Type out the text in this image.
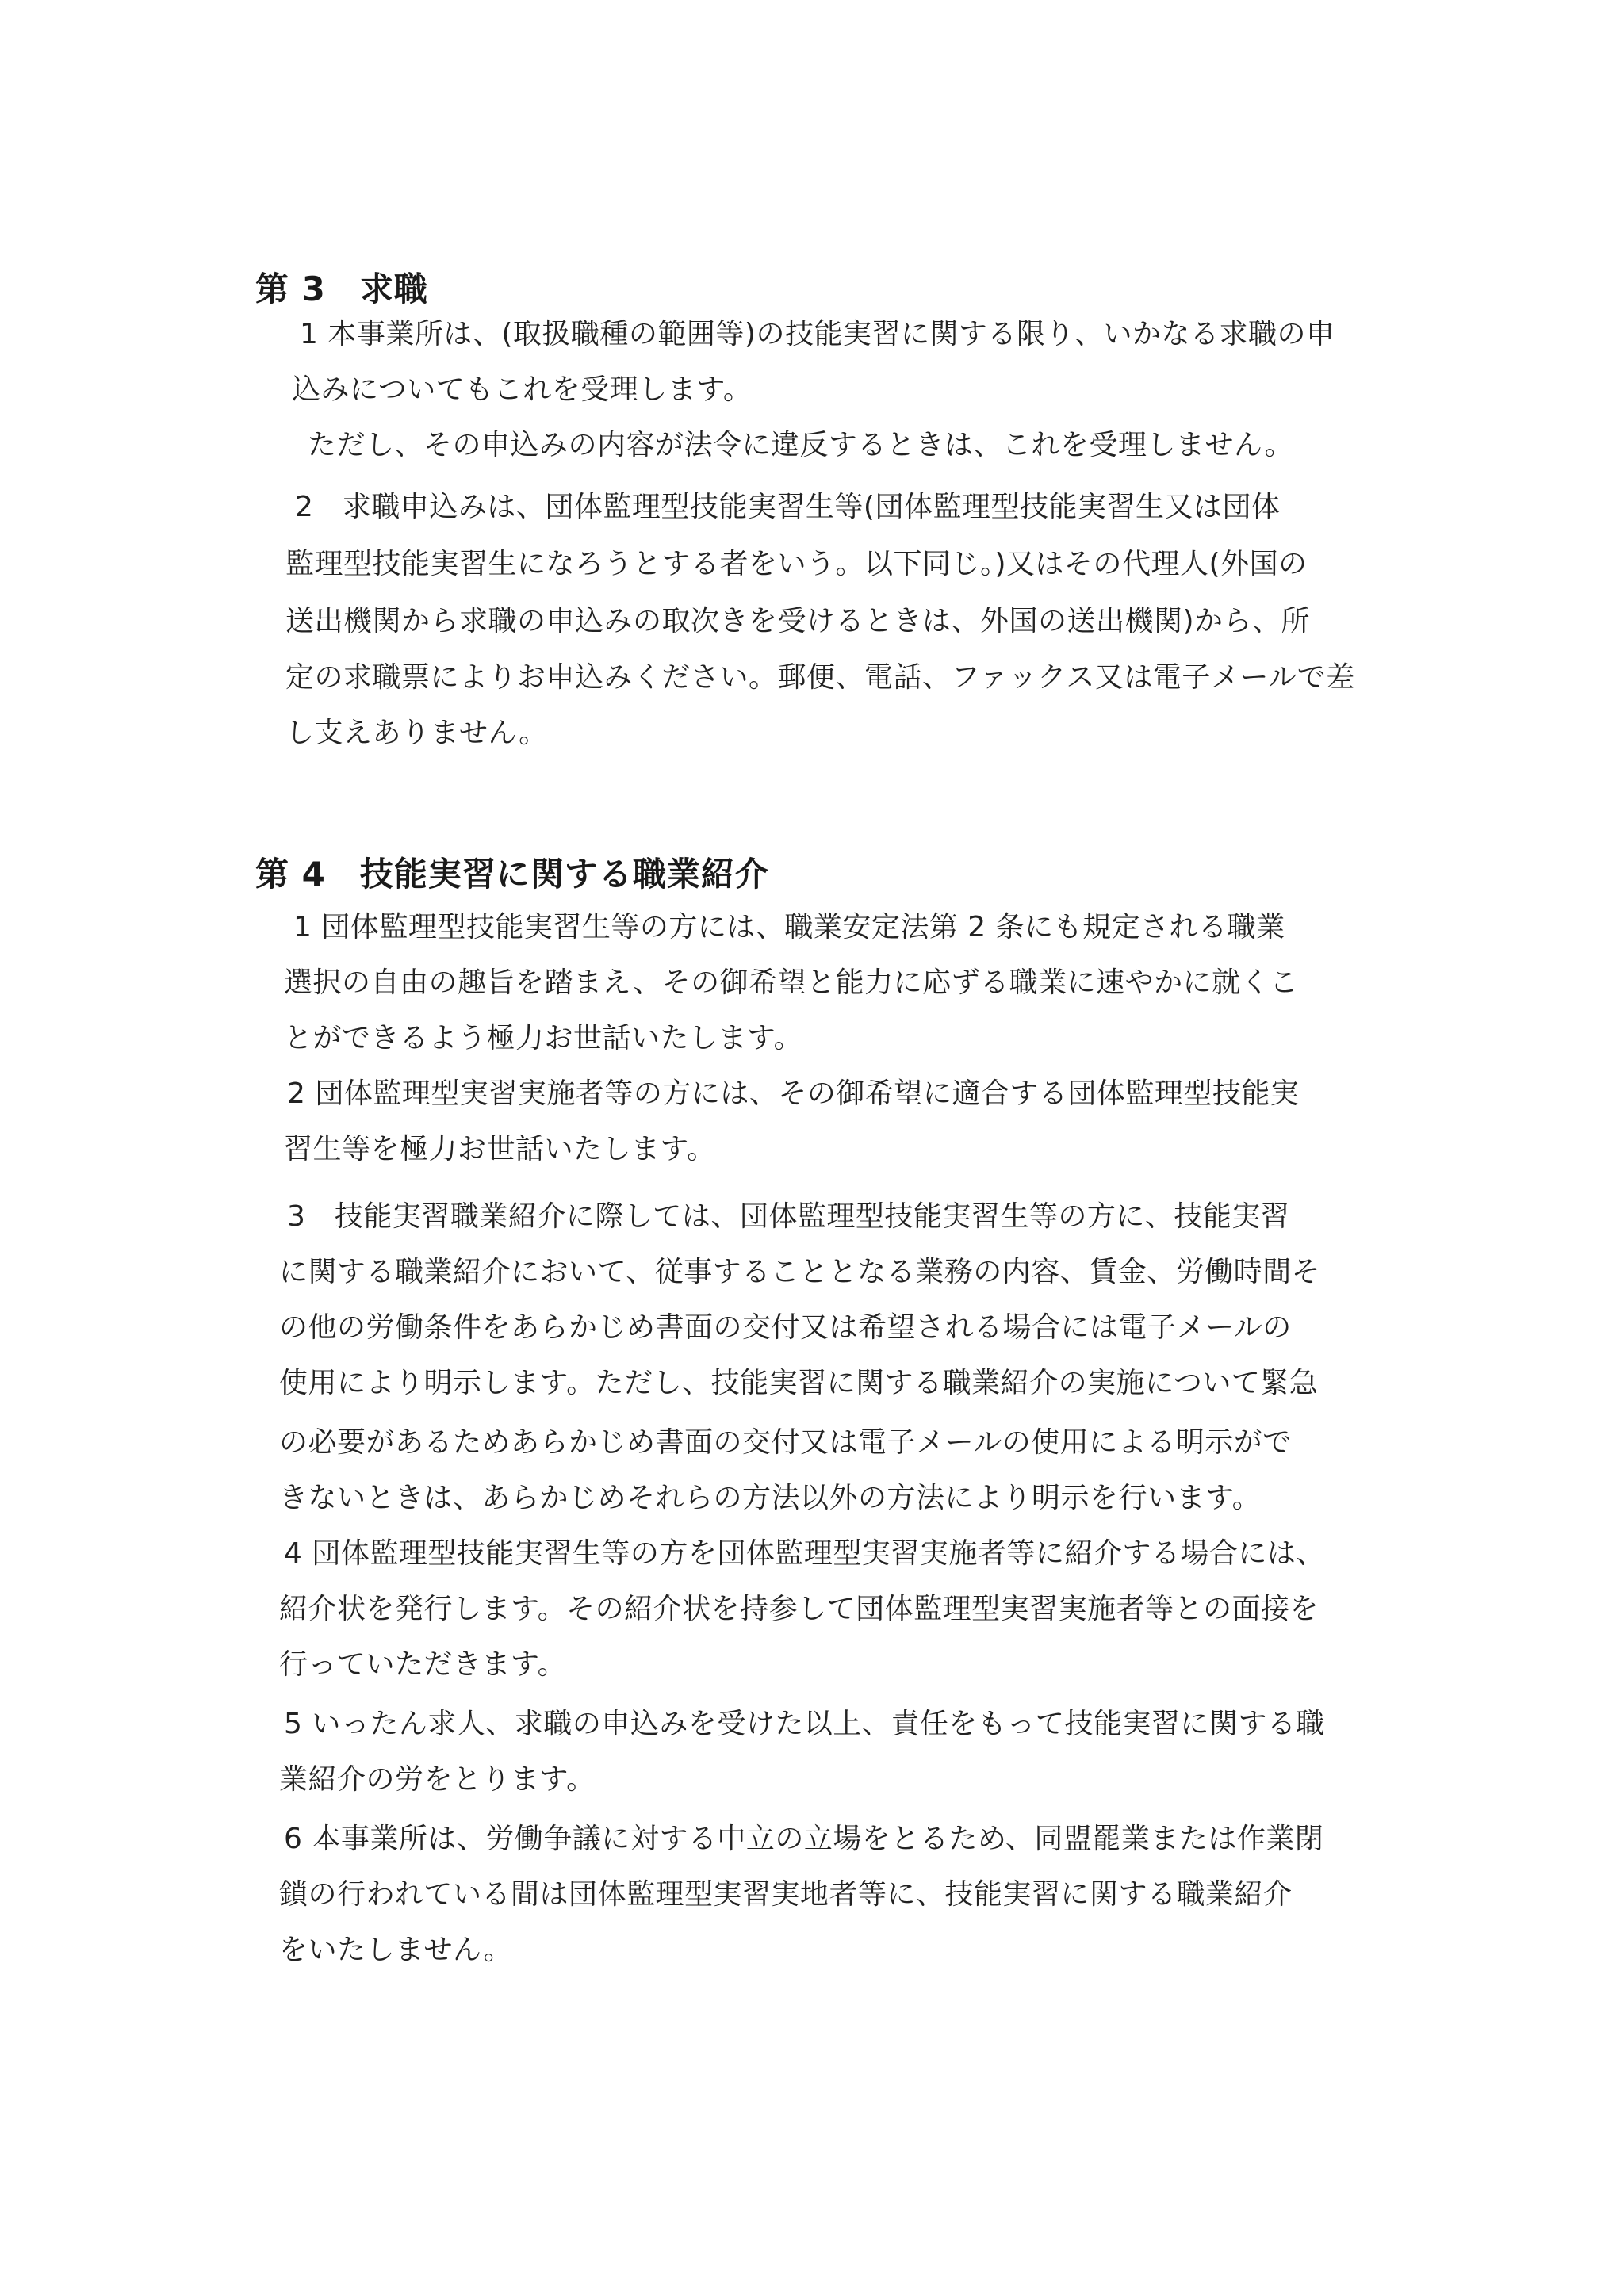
第 3　求職
1 本事業所は、(取扱職種の範囲等)の技能実習に関する限り、いかなる求職の申
込みについてもこれを受理します。
ただし、その申込みの内容が法令に違反するときは、これを受理しません。
2　求職申込みは、団体監理型技能実習生等(団体監理型技能実習生又は団体
監理型技能実習生になろうとする者をいう。以下同じ。)又はその代理人(外国の
送出機関から求職の申込みの取次きを受けるときは、外国の送出機関)から、所
定の求職票によりお申込みください。郵便、電話、ファックス又は電子メールで差
し支えありません。
第 4　技能実習に関する職業紹介
1 団体監理型技能実習生等の方には、職業安定法第 2 条にも規定される職業
選択の自由の趣旨を踏まえ、その御希望と能力に応ずる職業に速やかに就くこ
とができるよう極力お世話いたします。
2 団体監理型実習実施者等の方には、その御希望に適合する団体監理型技能実
習生等を極力お世話いたします。
3　技能実習職業紹介に際しては、団体監理型技能実習生等の方に、技能実習
に関する職業紹介において、従事することとなる業務の内容、賃金、労働時間そ
の他の労働条件をあらかじめ書面の交付又は希望される場合には電子メールの
使用により明示します。ただし、技能実習に関する職業紹介の実施について緊急
の必要があるためあらかじめ書面の交付又は電子メールの使用による明示がで
きないときは、あらかじめそれらの方法以外の方法により明示を行います。
4 団体監理型技能実習生等の方を団体監理型実習実施者等に紹介する場合には、
紹介状を発行します。その紹介状を持参して団体監理型実習実施者等との面接を
行っていただきます。
5 いったん求人、求職の申込みを受けた以上、責任をもって技能実習に関する職
業紹介の労をとります。
6 本事業所は、労働争議に対する中立の立場をとるため、同盟罷業または作業閉
鎖の行われている間は団体監理型実習実地者等に、技能実習に関する職業紹介
をいたしません。
